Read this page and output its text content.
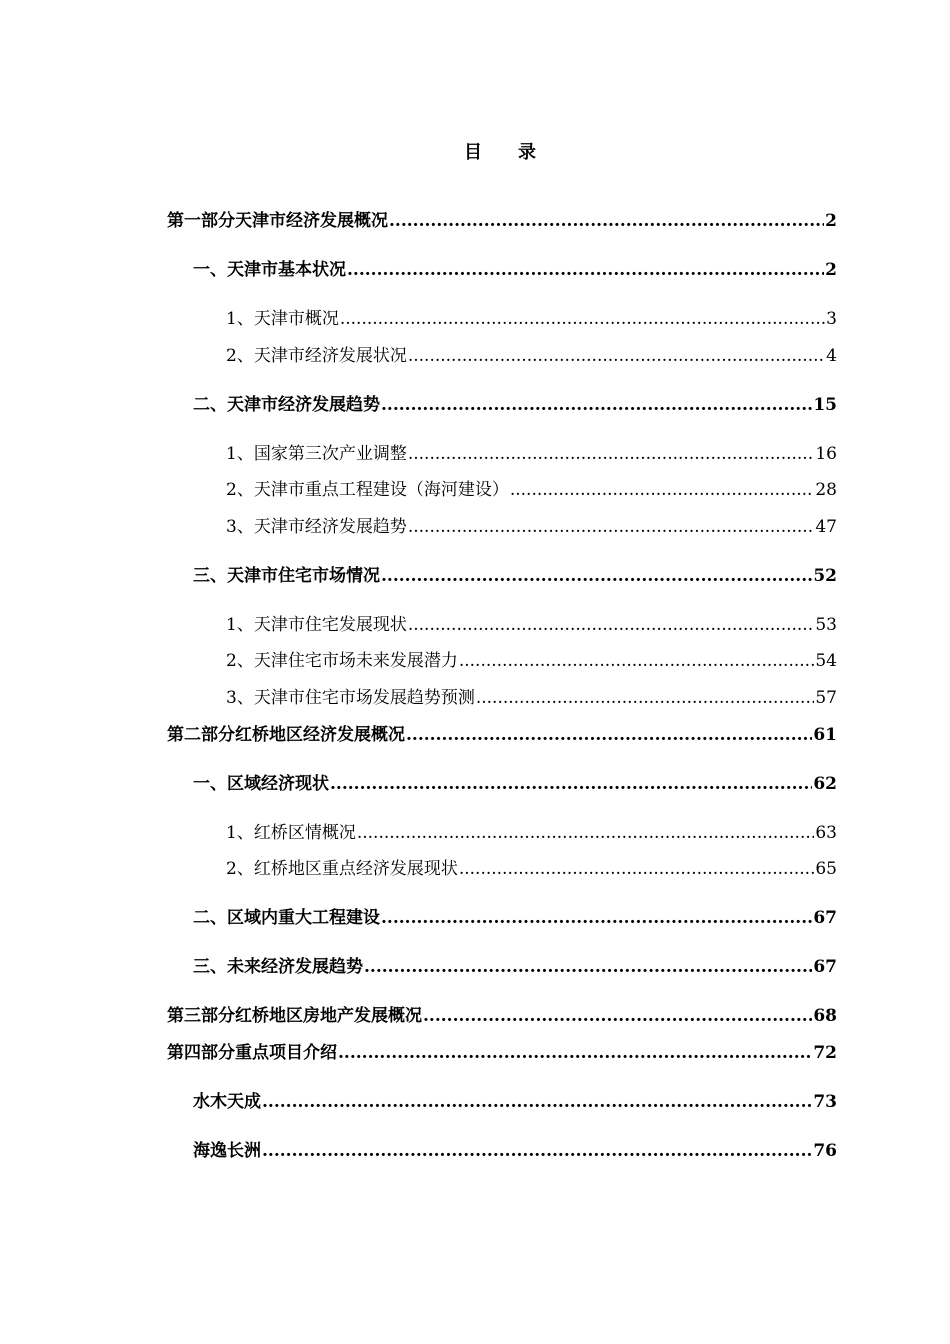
目 录
第一部分 天津市经济发展概况 .....	2
一、 天津市基本状况 .....	2
1、 天津市概况 .....	3
2、 天津市经济发展状况 .....	4
二、 天津市经济发展趋势 .....	15
1、 国家第三次产业调整 .....	16
2、 天津市重点工程建设（海河建设） .....	28
3、 天津市经济发展趋势 .....	47
三、 天津市住宅市场情况 .....	52
1、 天津市住宅发展现状 .....	53
2、 天津住宅市场未来发展潜力 .....	54
3、 天津市住宅市场发展趋势预测 .....	57
第二部分 红桥地区经济发展概况 .....	61
一、 区域经济现状 .....	62
1、 红桥区情概况 .....	63
2、 红桥地区重点经济发展现状 .....	65
二、区域内重大工程建设 .....	67
三、未来经济发展趋势 .....	67
第三部分 红桥地区房地产发展概况 .....	68
第四部分 重点项目介绍 .....	72
水木天成 .....	73
海逸长洲 .....	76
